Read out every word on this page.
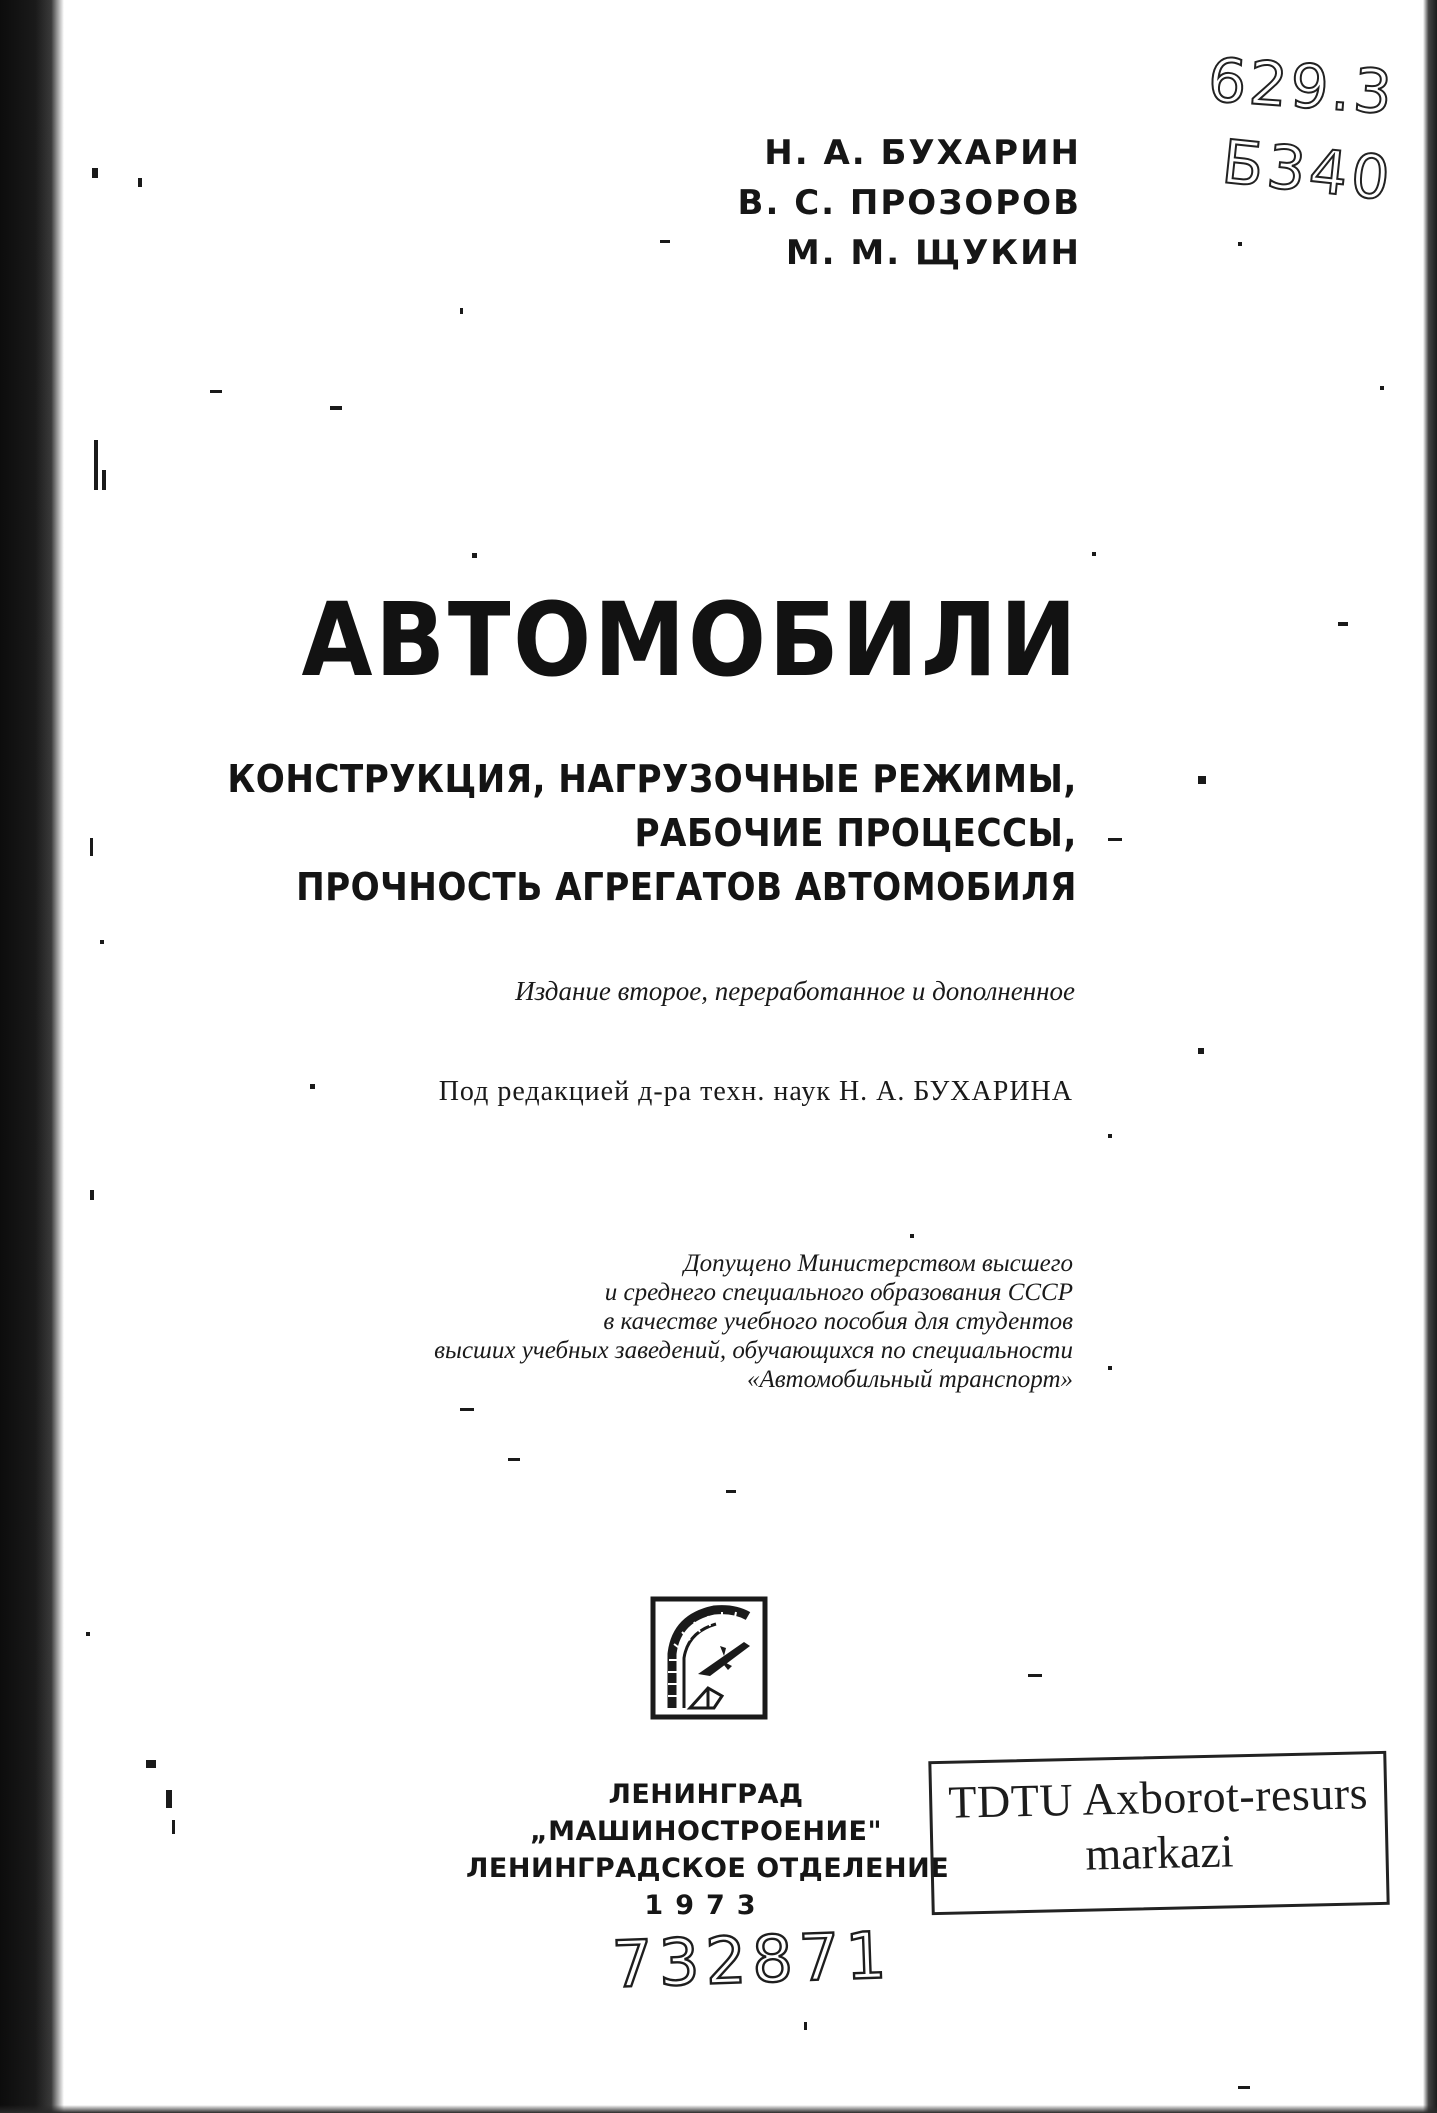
Н. А. БУХАРИН
В. С. ПРОЗОРОВ
М. М. ЩУКИН
629.3
Б340
АВТОМОБИЛИ
КОНСТРУКЦИЯ, НАГРУЗОЧНЫЕ РЕЖИМЫ,
РАБОЧИЕ ПРОЦЕССЫ,
ПРОЧНОСТЬ АГРЕГАТОВ АВТОМОБИЛЯ
Издание второе, переработанное и дополненное
Под редакцией д-ра техн. наук Н. А. БУХАРИНА
Допущено Министерством высшего
и среднего специального образования СССР
в качестве учебного пособия для студентов
высших учебных заведений, обучающихся по специальности
«Автомобильный транспорт»
ЛЕНИНГРАД
„МАШИНОСТРОЕНИЕ"
ЛЕНИНГРАДСКОЕ ОТДЕЛЕНИЕ
1973
TDTU Axborot-resurs
markazi
732871
